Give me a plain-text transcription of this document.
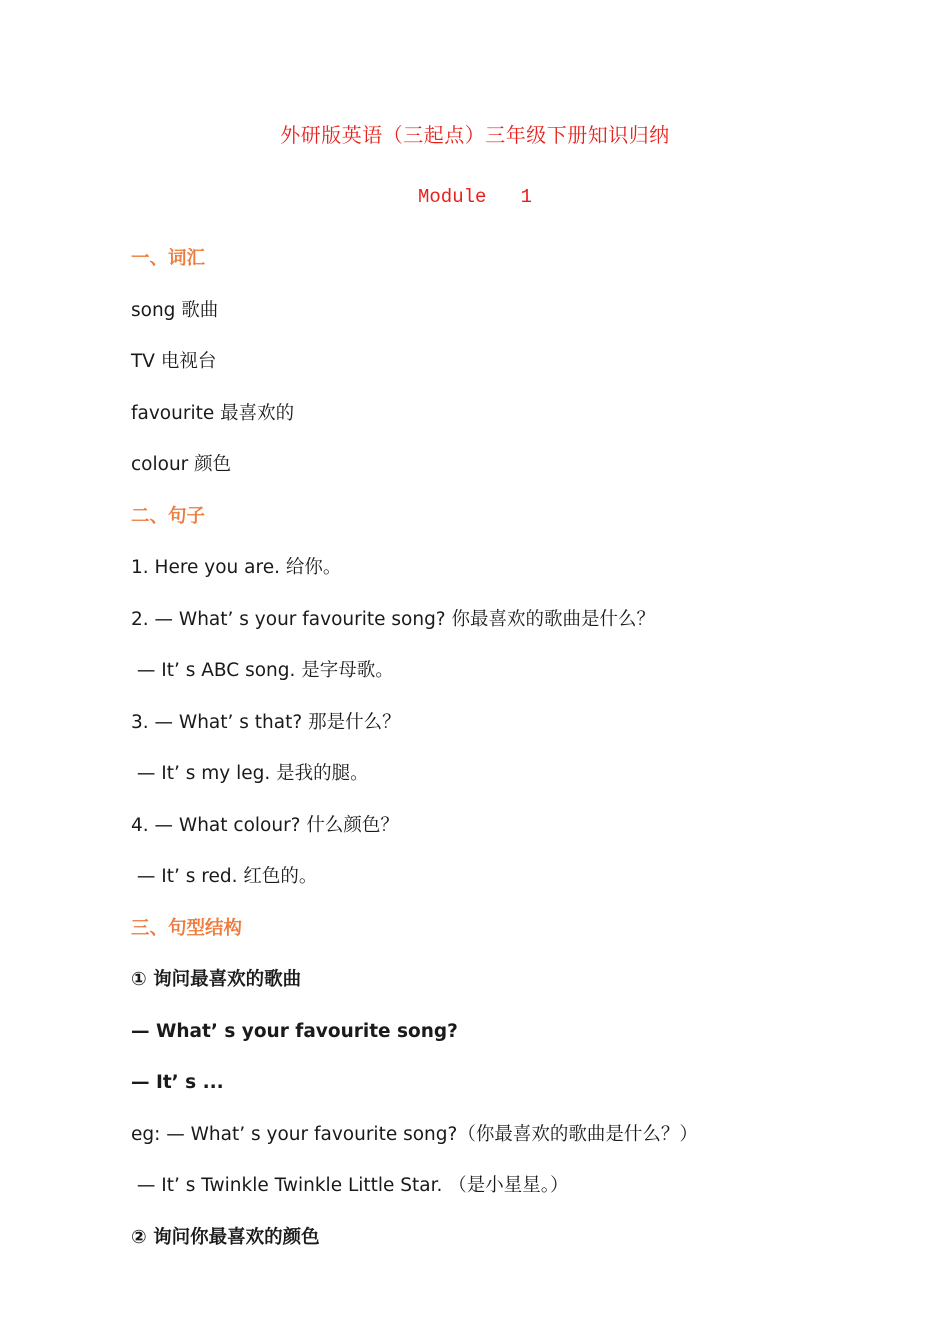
外研版英语（三起点）三年级下册知识归纳
Module   1
一、词汇
song 歌曲
TV 电视台
favourite 最喜欢的
colour 颜色
二、句子
1. Here you are. 给你。
2. — What’ s your favourite song? 你最喜欢的歌曲是什么？
— It’ s ABC song. 是字母歌。
3. — What’ s that? 那是什么？
— It’ s my leg. 是我的腿。
4. — What colour? 什么颜色？
— It’ s red. 红色的。
三、句型结构
① 询问最喜欢的歌曲
— What’ s your favourite song?
— It’ s ...
eg: — What’ s your favourite song?（你最喜欢的歌曲是什么？）
— It’ s Twinkle Twinkle Little Star. （是小星星。）
② 询问你最喜欢的颜色
